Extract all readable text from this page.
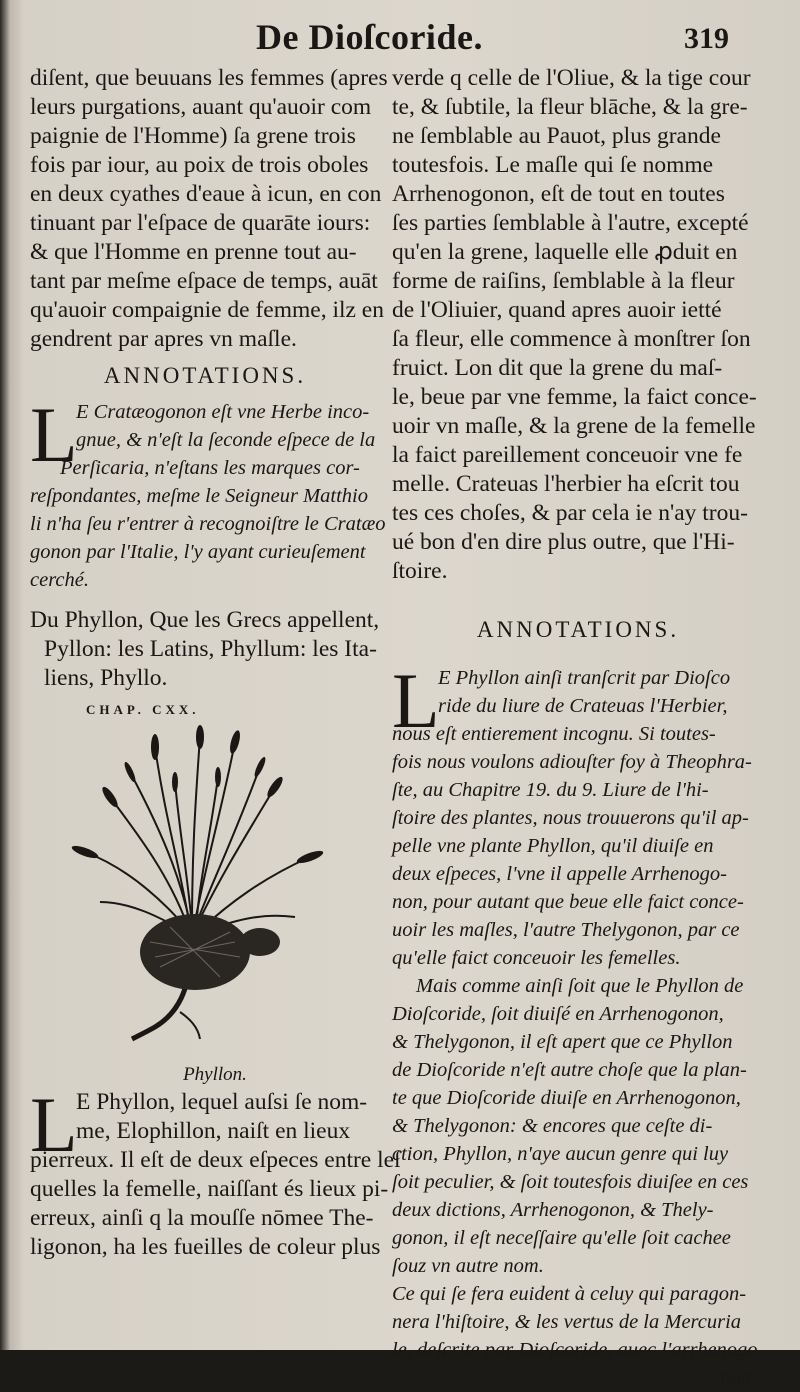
De Dioſcoride.	319
diſent, que beuuans les femmes (apres
leurs purgations, auant qu'auoir com
paignie de l'Homme) ſa grene trois
fois par iour, au poix de trois oboles
en deux cyathes d'eaue à icun, en con
tinuant par l'eſpace de quarāte iours:
& que l'Homme en prenne tout au-
tant par meſme eſpace de temps, auāt
qu'auoir compaignie de femme, ilz en
gendrent par apres vn maſle.
ANNOTATIONS.
L
E Cratæogonon eſt vne Herbe inco-
gnue, & n'eſt la ſeconde eſpece de la
Perſicaria, n'eſtans les marques cor-
reſpondantes, meſme le Seigneur Matthio
li n'ha ſeu r'entrer à recognoiſtre le Cratæo
gonon par l'Italie, l'y ayant curieuſement
cerché.
Du Phyllon, Que les Grecs appellent,
Pyllon: les Latins, Phyllum: les Ita-
liens, Phyllo.
CHAP. CXX.
Phyllon.
L
E Phyllon, lequel auſsi ſe nom-
me, Elophillon, naiſt en lieux
pierreux. Il eſt de deux eſpeces entre leſ
quelles la femelle, naiſſant és lieux pi-
erreux, ainſi q la mouſſe nōmee The-
ligonon, ha les fueilles de coleur plus
verde q celle de l'Oliue, & la tige cour
te, & ſubtile, la fleur blāche, & la gre-
ne ſemblable au Pauot, plus grande
toutesfois. Le maſle qui ſe nomme
Arrhenogonon, eſt de tout en toutes
ſes parties ſemblable à l'autre, excepté
qu'en la grene, laquelle elle ꝓduit en
forme de raiſins, ſemblable à la fleur
de l'Oliuier, quand apres auoir ietté
ſa fleur, elle commence à monſtrer ſon
fruict. Lon dit que la grene du maſ-
le, beue par vne femme, la faict conce-
uoir vn maſle, & la grene de la femelle
la faict pareillement conceuoir vne fe
melle. Crateuas l'herbier ha eſcrit tou
tes ces choſes, & par cela ie n'ay trou-
ué bon d'en dire plus outre, que l'Hi-
ſtoire.
ANNOTATIONS.
L
E Phyllon ainſi tranſcrit par Dioſco
ride du liure de Crateuas l'Herbier,
nous eſt entierement incognu. Si toutes-
fois nous voulons adiouſter foy à Theophra-
ſte, au Chapitre 19. du 9. Liure de l'hi-
ſtoire des plantes, nous trouuerons qu'il ap-
pelle vne plante Phyllon, qu'il diuiſe en
deux eſpeces, l'vne il appelle Arrhenogo-
non, pour autant que beue elle faict conce-
uoir les maſles, l'autre Thelygonon, par ce
qu'elle faict conceuoir les femelles.
Mais comme ainſi ſoit que le Phyllon de
Dioſcoride, ſoit diuiſé en Arrhenogonon,
& Thelygonon, il eſt apert que ce Phyllon
de Dioſcoride n'eſt autre choſe que la plan-
te que Dioſcoride diuiſe en Arrhenogonon,
& Thelygonon: & encores que ceſte di-
ction, Phyllon, n'aye aucun genre qui luy
ſoit peculier, & ſoit toutesfois diuiſee en ces
deux dictions, Arrhenogonon, & Thely-
gonon, il eſt neceſſaire qu'elle ſoit cachee
ſouz vn autre nom.
Ce qui ſe fera euident à celuy qui paragon-
nera l'hiſtoire, & les vertus de la Mercuria
le, deſcrite par Dioſcoride, auec l'arrhenogo
non,
